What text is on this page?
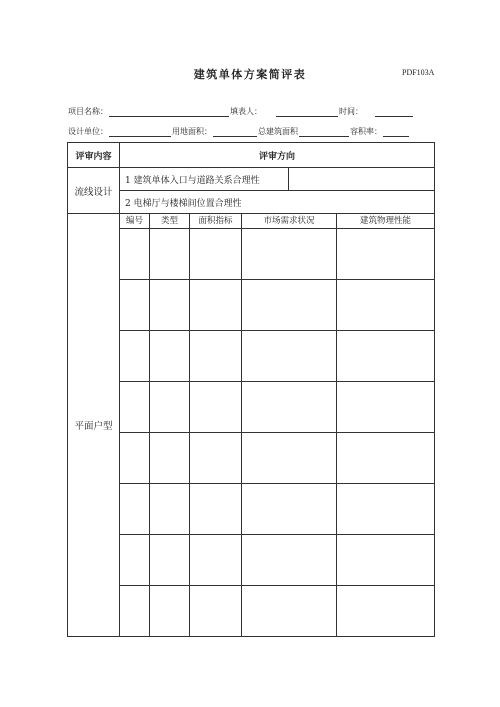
建筑单体方案简评表	PDF103A
项目名称：	填表人：	时间：
设计单位：	用地面积：	总建筑面积	容积率：
评审内容	评审方向					
流线设计	1 建筑单体入口与道路关系合理性					
	2 电梯厅与楼梯间位置合理性					
平面户型	编号	类型	面积指标	市场需求状况		建筑物理性能
